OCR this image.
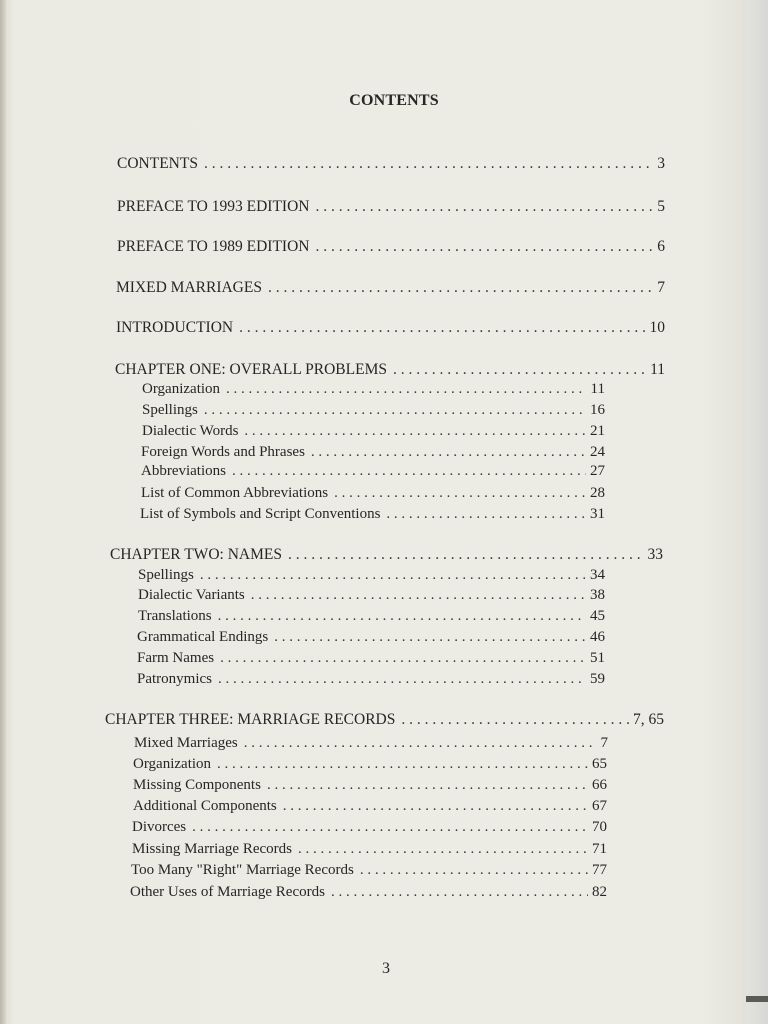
CONTENTS
CONTENTS . . .	3
PREFACE TO 1993 EDITION . . .	5
PREFACE TO 1989 EDITION . . .	6
MIXED MARRIAGES . . .	7
INTRODUCTION . . .	10
CHAPTER ONE: OVERALL PROBLEMS . . .	11
Organization . . .	11
Spellings . . .	16
Dialectic Words . . .	21
Foreign Words and Phrases . . .	24
Abbreviations . . .	27
List of Common Abbreviations . . .	28
List of Symbols and Script Conventions . . .	31
CHAPTER TWO: NAMES . . .	33
Spellings . . .	34
Dialectic Variants . . .	38
Translations . . .	45
Grammatical Endings . . .	46
Farm Names . . .	51
Patronymics . . .	59
CHAPTER THREE: MARRIAGE RECORDS . . .	7, 65
Mixed Marriages . . .	7
Organization . . .	65
Missing Components . . .	66
Additional Components . . .	67
Divorces . . .	70
Missing Marriage Records . . .	71
Too Many "Right" Marriage Records . . .	77
Other Uses of Marriage Records . . .	82
3
